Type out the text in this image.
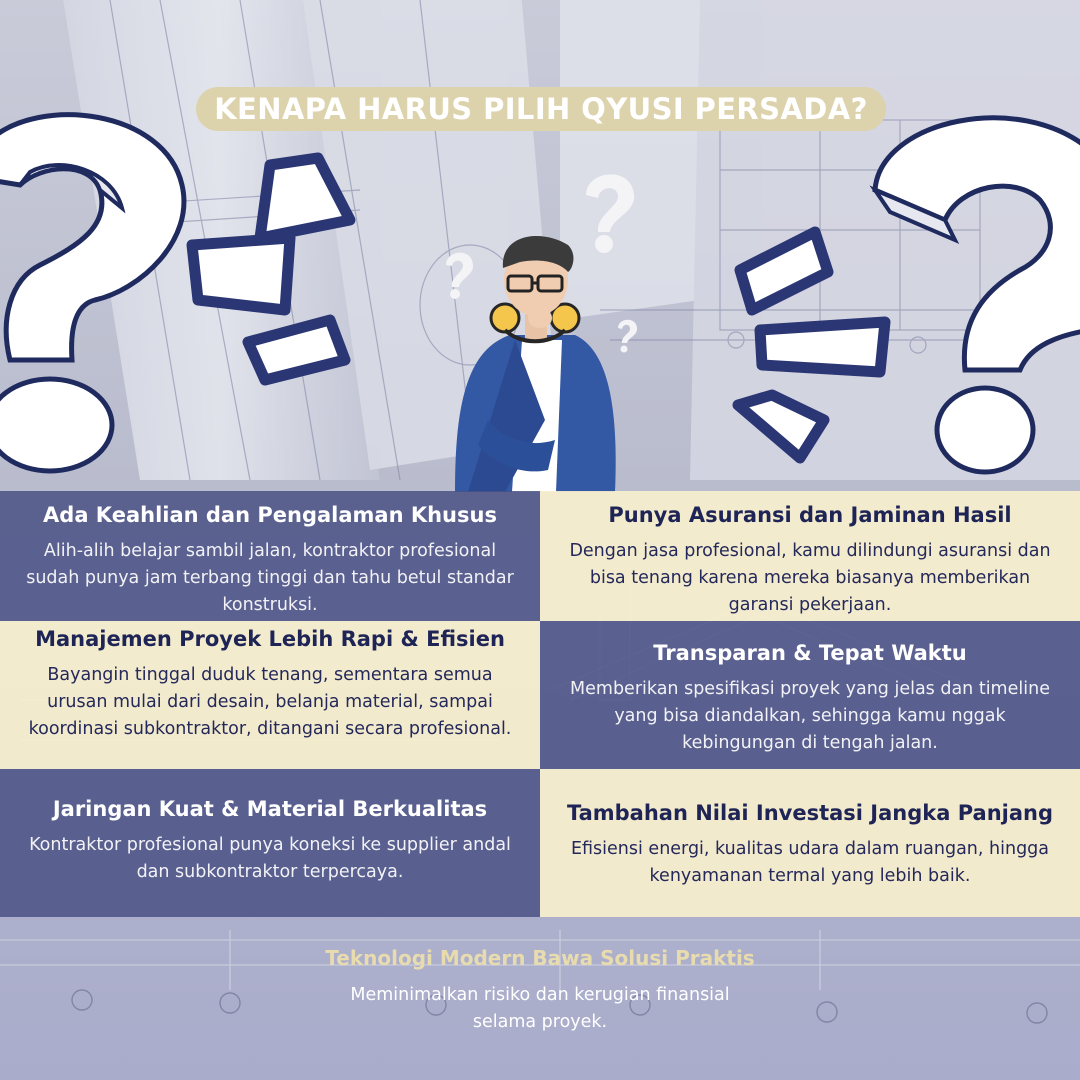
KENAPA HARUS PILIH QYUSI PERSADA?
Ada Keahlian dan Pengalaman Khusus

Alih-alih belajar sambil jalan, kontraktor profesional sudah punya jam terbang tinggi dan tahu betul standar konstruksi.

Punya Asuransi dan Jaminan Hasil

Dengan jasa profesional, kamu dilindungi asuransi dan bisa tenang karena mereka biasanya memberikan garansi pekerjaan.

Manajemen Proyek Lebih Rapi & Efisien

Bayangin tinggal duduk tenang, sementara semua urusan mulai dari desain, belanja material, sampai koordinasi subkontraktor, ditangani secara profesional.

Transparan & Tepat Waktu

Memberikan spesifikasi proyek yang jelas dan timeline yang bisa diandalkan, sehingga kamu nggak kebingungan di tengah jalan.

Jaringan Kuat & Material Berkualitas

Kontraktor profesional punya koneksi ke supplier andal dan subkontraktor terpercaya.

Tambahan Nilai Investasi Jangka Panjang

Efisiensi energi, kualitas udara dalam ruangan, hingga kenyamanan termal yang lebih baik.

Teknologi Modern Bawa Solusi Praktis

Meminimalkan risiko dan kerugian finansial selama proyek.
